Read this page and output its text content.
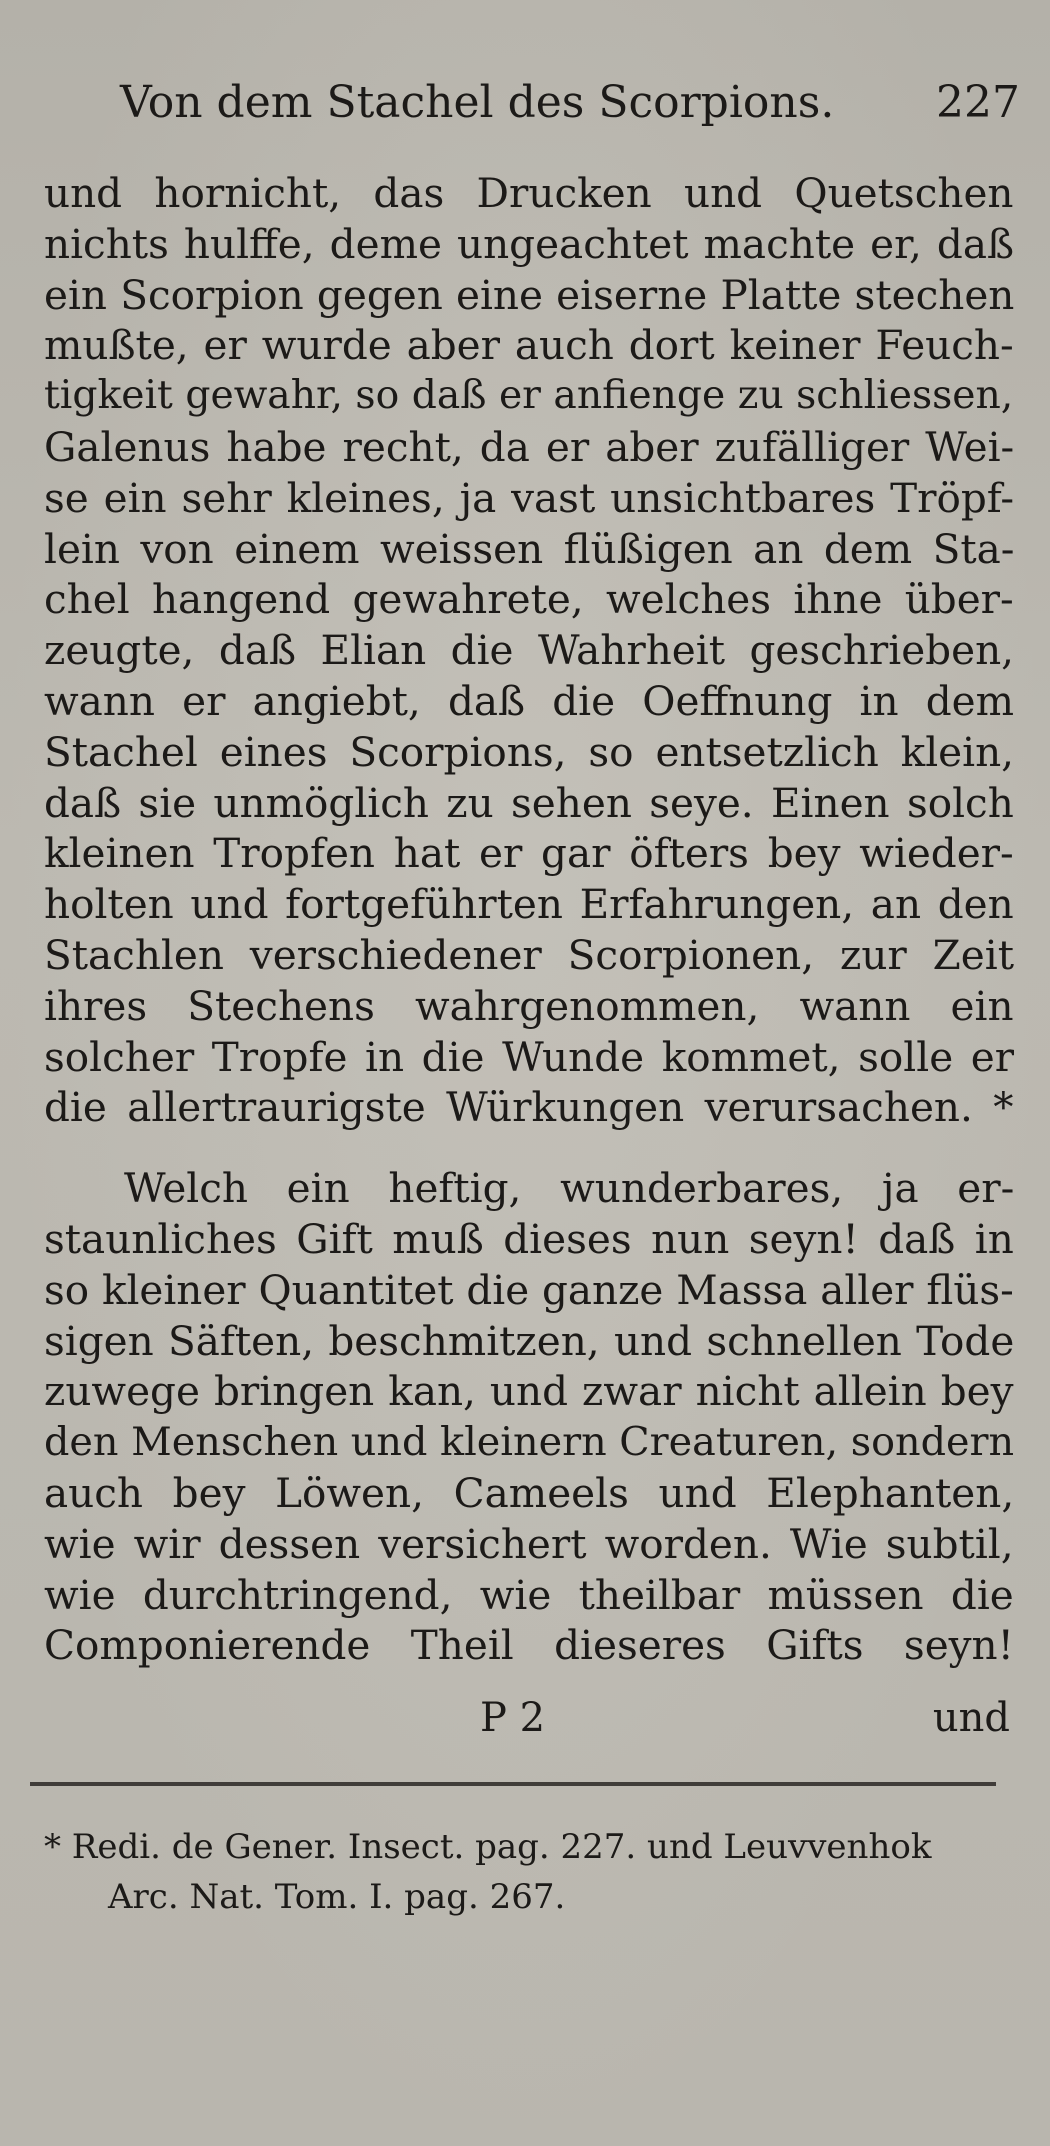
Von dem Stachel des Scorpions. 227
und hornicht, das Drucken und Quetschen
nichts hulffe, deme ungeachtet machte er, daß
ein Scorpion gegen eine eiserne Platte stechen
mußte, er wurde aber auch dort keiner Feuch-
tigkeit gewahr, so daß er anfienge zu schliessen,
Galenus habe recht, da er aber zufälliger Wei-
se ein sehr kleines, ja vast unsichtbares Tröpf-
lein von einem weissen flüßigen an dem Sta-
chel hangend gewahrete, welches ihne über-
zeugte, daß Elian die Wahrheit geschrieben,
wann er angiebt, daß die Oeffnung in dem
Stachel eines Scorpions, so entsetzlich klein,
daß sie unmöglich zu sehen seye. Einen solch
kleinen Tropfen hat er gar öfters bey wieder-
holten und fortgeführten Erfahrungen, an den
Stachlen verschiedener Scorpionen, zur Zeit
ihres Stechens wahrgenommen, wann ein
solcher Tropfe in die Wunde kommet, solle er
die allertraurigste Würkungen verursachen. *
Welch ein heftig, wunderbares, ja er-
staunliches Gift muß dieses nun seyn! daß in
so kleiner Quantitet die ganze Massa aller flüs-
sigen Säften, beschmitzen, und schnellen Tode
zuwege bringen kan, und zwar nicht allein bey
den Menschen und kleinern Creaturen, sondern
auch bey Löwen, Cameels und Elephanten,
wie wir dessen versichert worden. Wie subtil,
wie durchtringend, wie theilbar müssen die
Componierende Theil dieseres Gifts seyn!
P 2	und
* Redi. de Gener. Insect. pag. 227. und Leuvvenhok
Arc. Nat. Tom. I. pag. 267.
